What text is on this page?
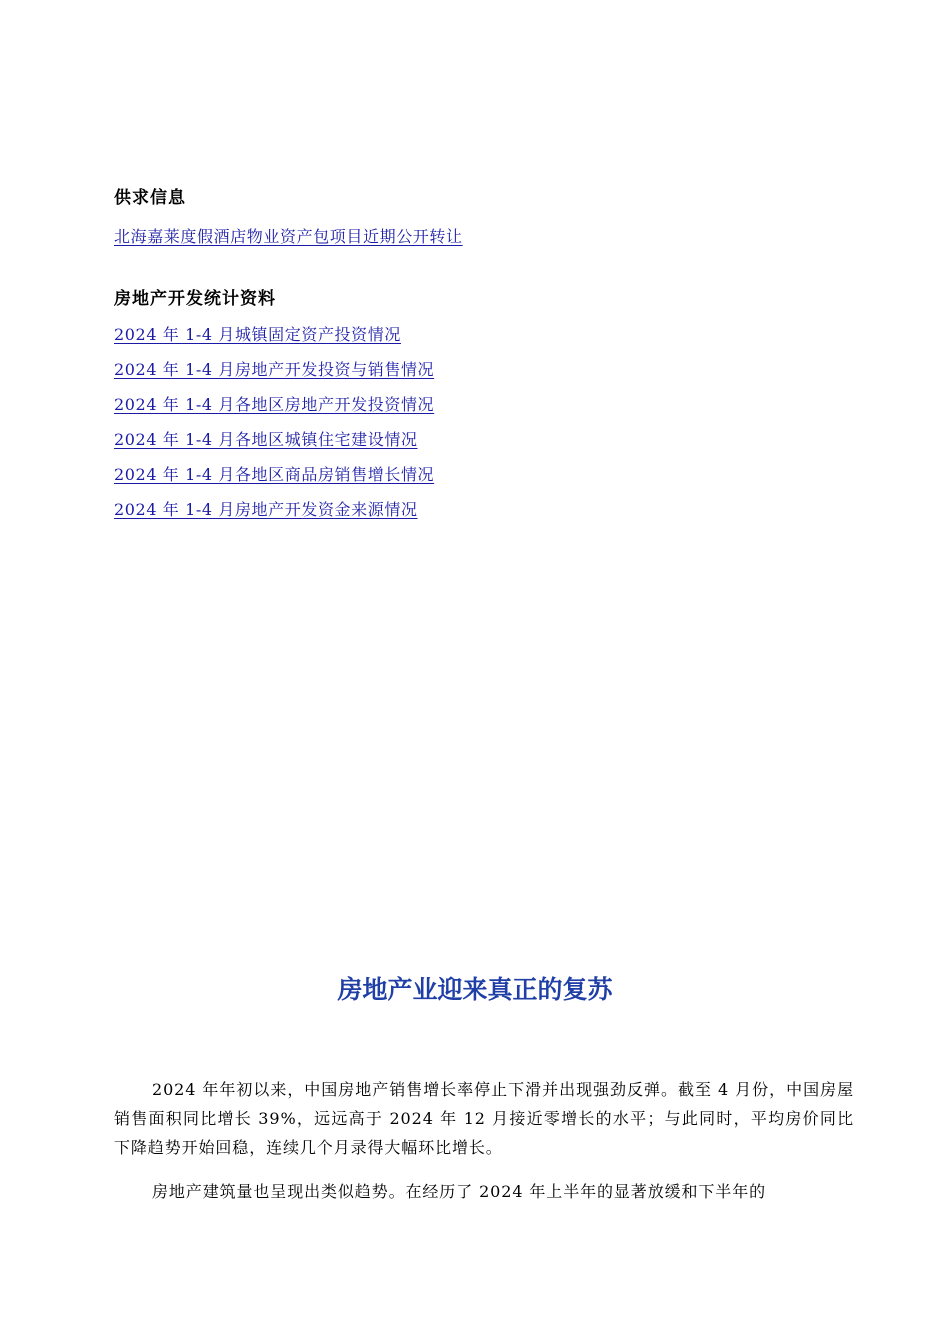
供求信息
北海嘉莱度假酒店物业资产包项目近期公开转让
房地产开发统计资料
2024 年 1-4 月城镇固定资产投资情况
2024 年 1-4 月房地产开发投资与销售情况
2024 年 1-4 月各地区房地产开发投资情况
2024 年 1-4 月各地区城镇住宅建设情况
2024 年 1-4 月各地区商品房销售增长情况
2024 年 1-4 月房地产开发资金来源情况
房地产业迎来真正的复苏

2024 年年初以来，中国房地产销售增长率停止下滑并出现强劲反弹。截至 4 月份，中国房屋销售面积同比增长 39%，远远高于 2024 年 12 月接近零增长的水平；与此同时，平均房价同比下降趋势开始回稳，连续几个月录得大幅环比增长。

房地产建筑量也呈现出类似趋势。在经历了 2024 年上半年的显著放缓和下半年的
